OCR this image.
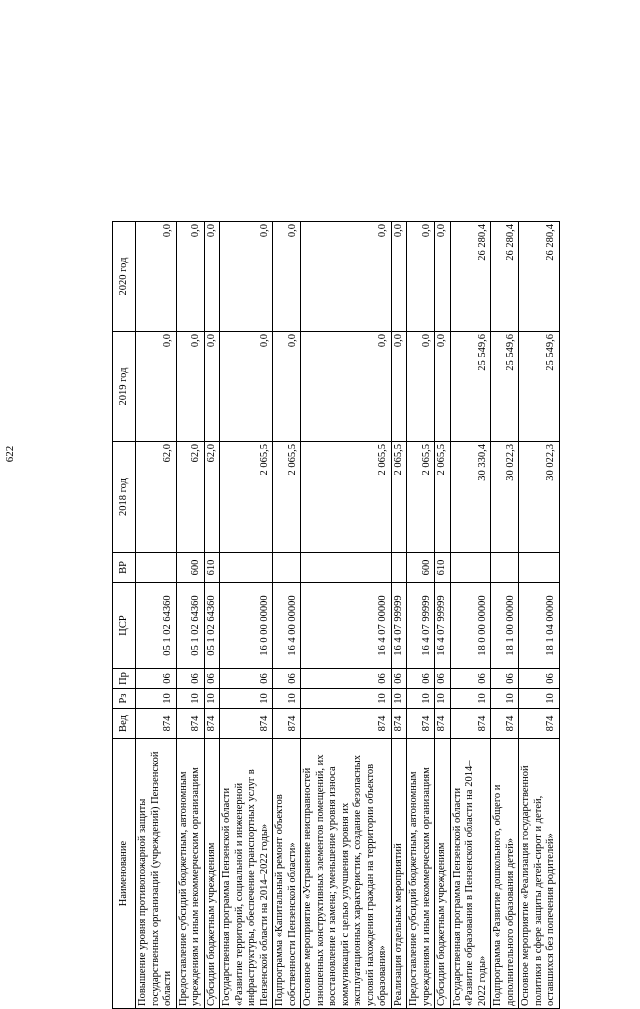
622
Наименование	Вед	Рз	Пр	ЦСР	ВР	2018 год	2019 год	2020 год
Повышение уровня противопожарной защиты государственных организаций (учреждений) Пензенской области	874	10	06	05 1 02 64360		62,0	0,0	0,0
Предоставление субсидий бюджетным, автономным учреждениям и иным некоммерческим организациям	874	10	06	05 1 02 64360	600	62,0	0,0	0,0
Субсидии бюджетным учреждениям	874	10	06	05 1 02 64360	610	62,0	0,0	0,0
Государственная программа Пензенской области «Развитие территорий, социальной и инженерной инфраструктуры, обеспечение транспортных услуг в Пензенской области на 2014–2022 годы»	874	10	06	16 0 00 00000		2 065,5	0,0	0,0
Подпрограмма «Капитальный ремонт объектов собственности Пензенской области»	874	10	06	16 4 00 00000		2 065,5	0,0	0,0
Основное мероприятие «Устранение неисправностей изношенных конструктивных элементов помещений, их восстановление и замена; уменьшение уровня износа коммуникаций с целью улучшения уровня их эксплуатационных характеристик, создание безопасных условий нахождения граждан на территории объектов образования»	874	10	06	16 4 07 00000		2 065,5	0,0	0,0
Реализация отдельных мероприятий	874	10	06	16 4 07 99999		2 065,5	0,0	0,0
Предоставление субсидий бюджетным, автономным учреждениям и иным некоммерческим организациям	874	10	06	16 4 07 99999	600	2 065,5	0,0	0,0
Субсидии бюджетным учреждениям	874	10	06	16 4 07 99999	610	2 065,5	0,0	0,0
Государственная программа Пензенской области «Развитие образования в Пензенской области на 2014–2022 годы»	874	10	06	18 0 00 00000		30 330,4	25 549,6	26 280,4
Подпрограмма «Развитие дошкольного, общего и дополнительного образования детей»	874	10	06	18 1 00 00000		30 022,3	25 549,6	26 280,4
Основное мероприятие «Реализация государственной политики в сфере защиты детей-сирот и детей, оставшихся без попечения родителей»	874	10	06	18 1 04 00000		30 022,3	25 549,6	26 280,4
